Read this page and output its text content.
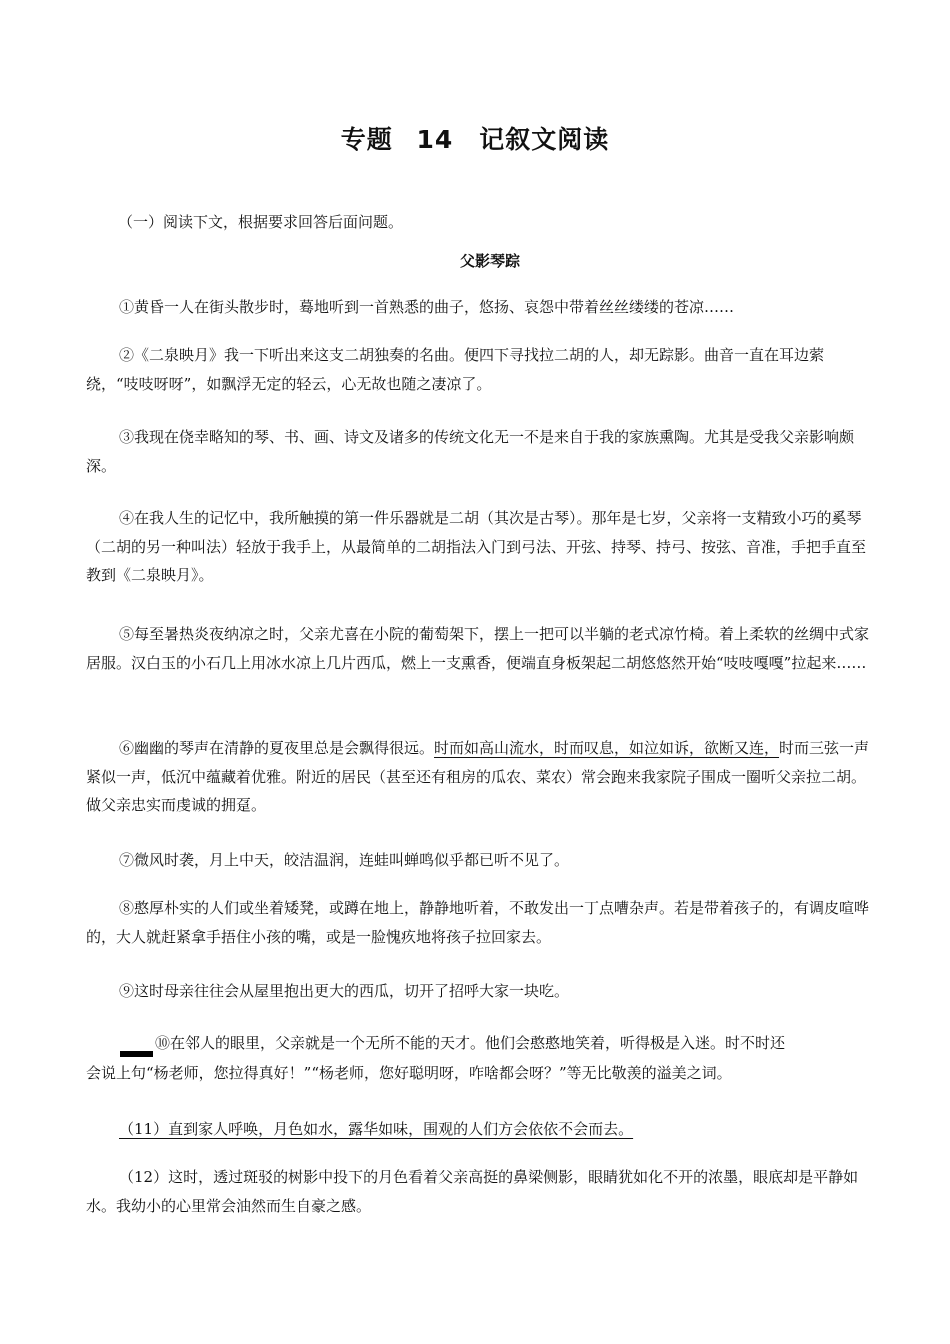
专题 14　记叙文阅读
（一）阅读下文，根据要求回答后面问题。
父影琴踪
①黄昏一人在街头散步时，蓦地听到一首熟悉的曲子，悠扬、哀怨中带着丝丝缕缕的苍凉……
②《二泉映月》我一下听出来这支二胡独奏的名曲。便四下寻找拉二胡的人，却无踪影。曲音一直在耳边萦绕，“吱吱呀呀”，如飘浮无定的轻云，心无故也随之凄凉了。
③我现在侥幸略知的琴、书、画、诗文及诸多的传统文化无一不是来自于我的家族熏陶。尤其是受我父亲影响颇深。
④在我人生的记忆中，我所触摸的第一件乐器就是二胡（其次是古琴）。那年是七岁，父亲将一支精致小巧的奚琴（二胡的另一种叫法）轻放于我手上，从最简单的二胡指法入门到弓法、开弦、持琴、持弓、按弦、音准，手把手直至教到《二泉映月》。
⑤每至暑热炎夜纳凉之时，父亲尤喜在小院的葡萄架下，摆上一把可以半躺的老式凉竹椅。着上柔软的丝绸中式家居服。汉白玉的小石几上用冰水凉上几片西瓜，燃上一支熏香，便端直身板架起二胡悠悠然开始“吱吱嘎嘎”拉起来……
⑥幽幽的琴声在清静的夏夜里总是会飘得很远。时而如高山流水，时而叹息，如泣如诉，欲断又连，时而三弦一声紧似一声，低沉中蕴藏着优雅。附近的居民（甚至还有租房的瓜农、菜农）常会跑来我家院子围成一圈听父亲拉二胡。做父亲忠实而虔诚的拥趸。
⑦微风时袭，月上中天，皎洁温润，连蛙叫蝉鸣似乎都已听不见了。
⑧憨厚朴实的人们或坐着矮凳，或蹲在地上，静静地听着，不敢发出一丁点嘈杂声。若是带着孩子的，有调皮喧哗的，大人就赶紧拿手捂住小孩的嘴，或是一脸愧疚地将孩子拉回家去。
⑨这时母亲往往会从屋里抱出更大的西瓜，切开了招呼大家一块吃。
⑩在邻人的眼里，父亲就是一个无所不能的天才。他们会憨憨地笑着，听得极是入迷。时不时还
会说上句“杨老师，您拉得真好！”“杨老师，您好聪明呀，咋啥都会呀？”等无比敬羡的溢美之词。
（11）直到家人呼唤，月色如水，露华如味，围观的人们方会依依不会而去。
（12）这时，透过斑驳的树影中投下的月色看着父亲高挺的鼻梁侧影，眼睛犹如化不开的浓墨，眼底却是平静如水。我幼小的心里常会油然而生自豪之感。
